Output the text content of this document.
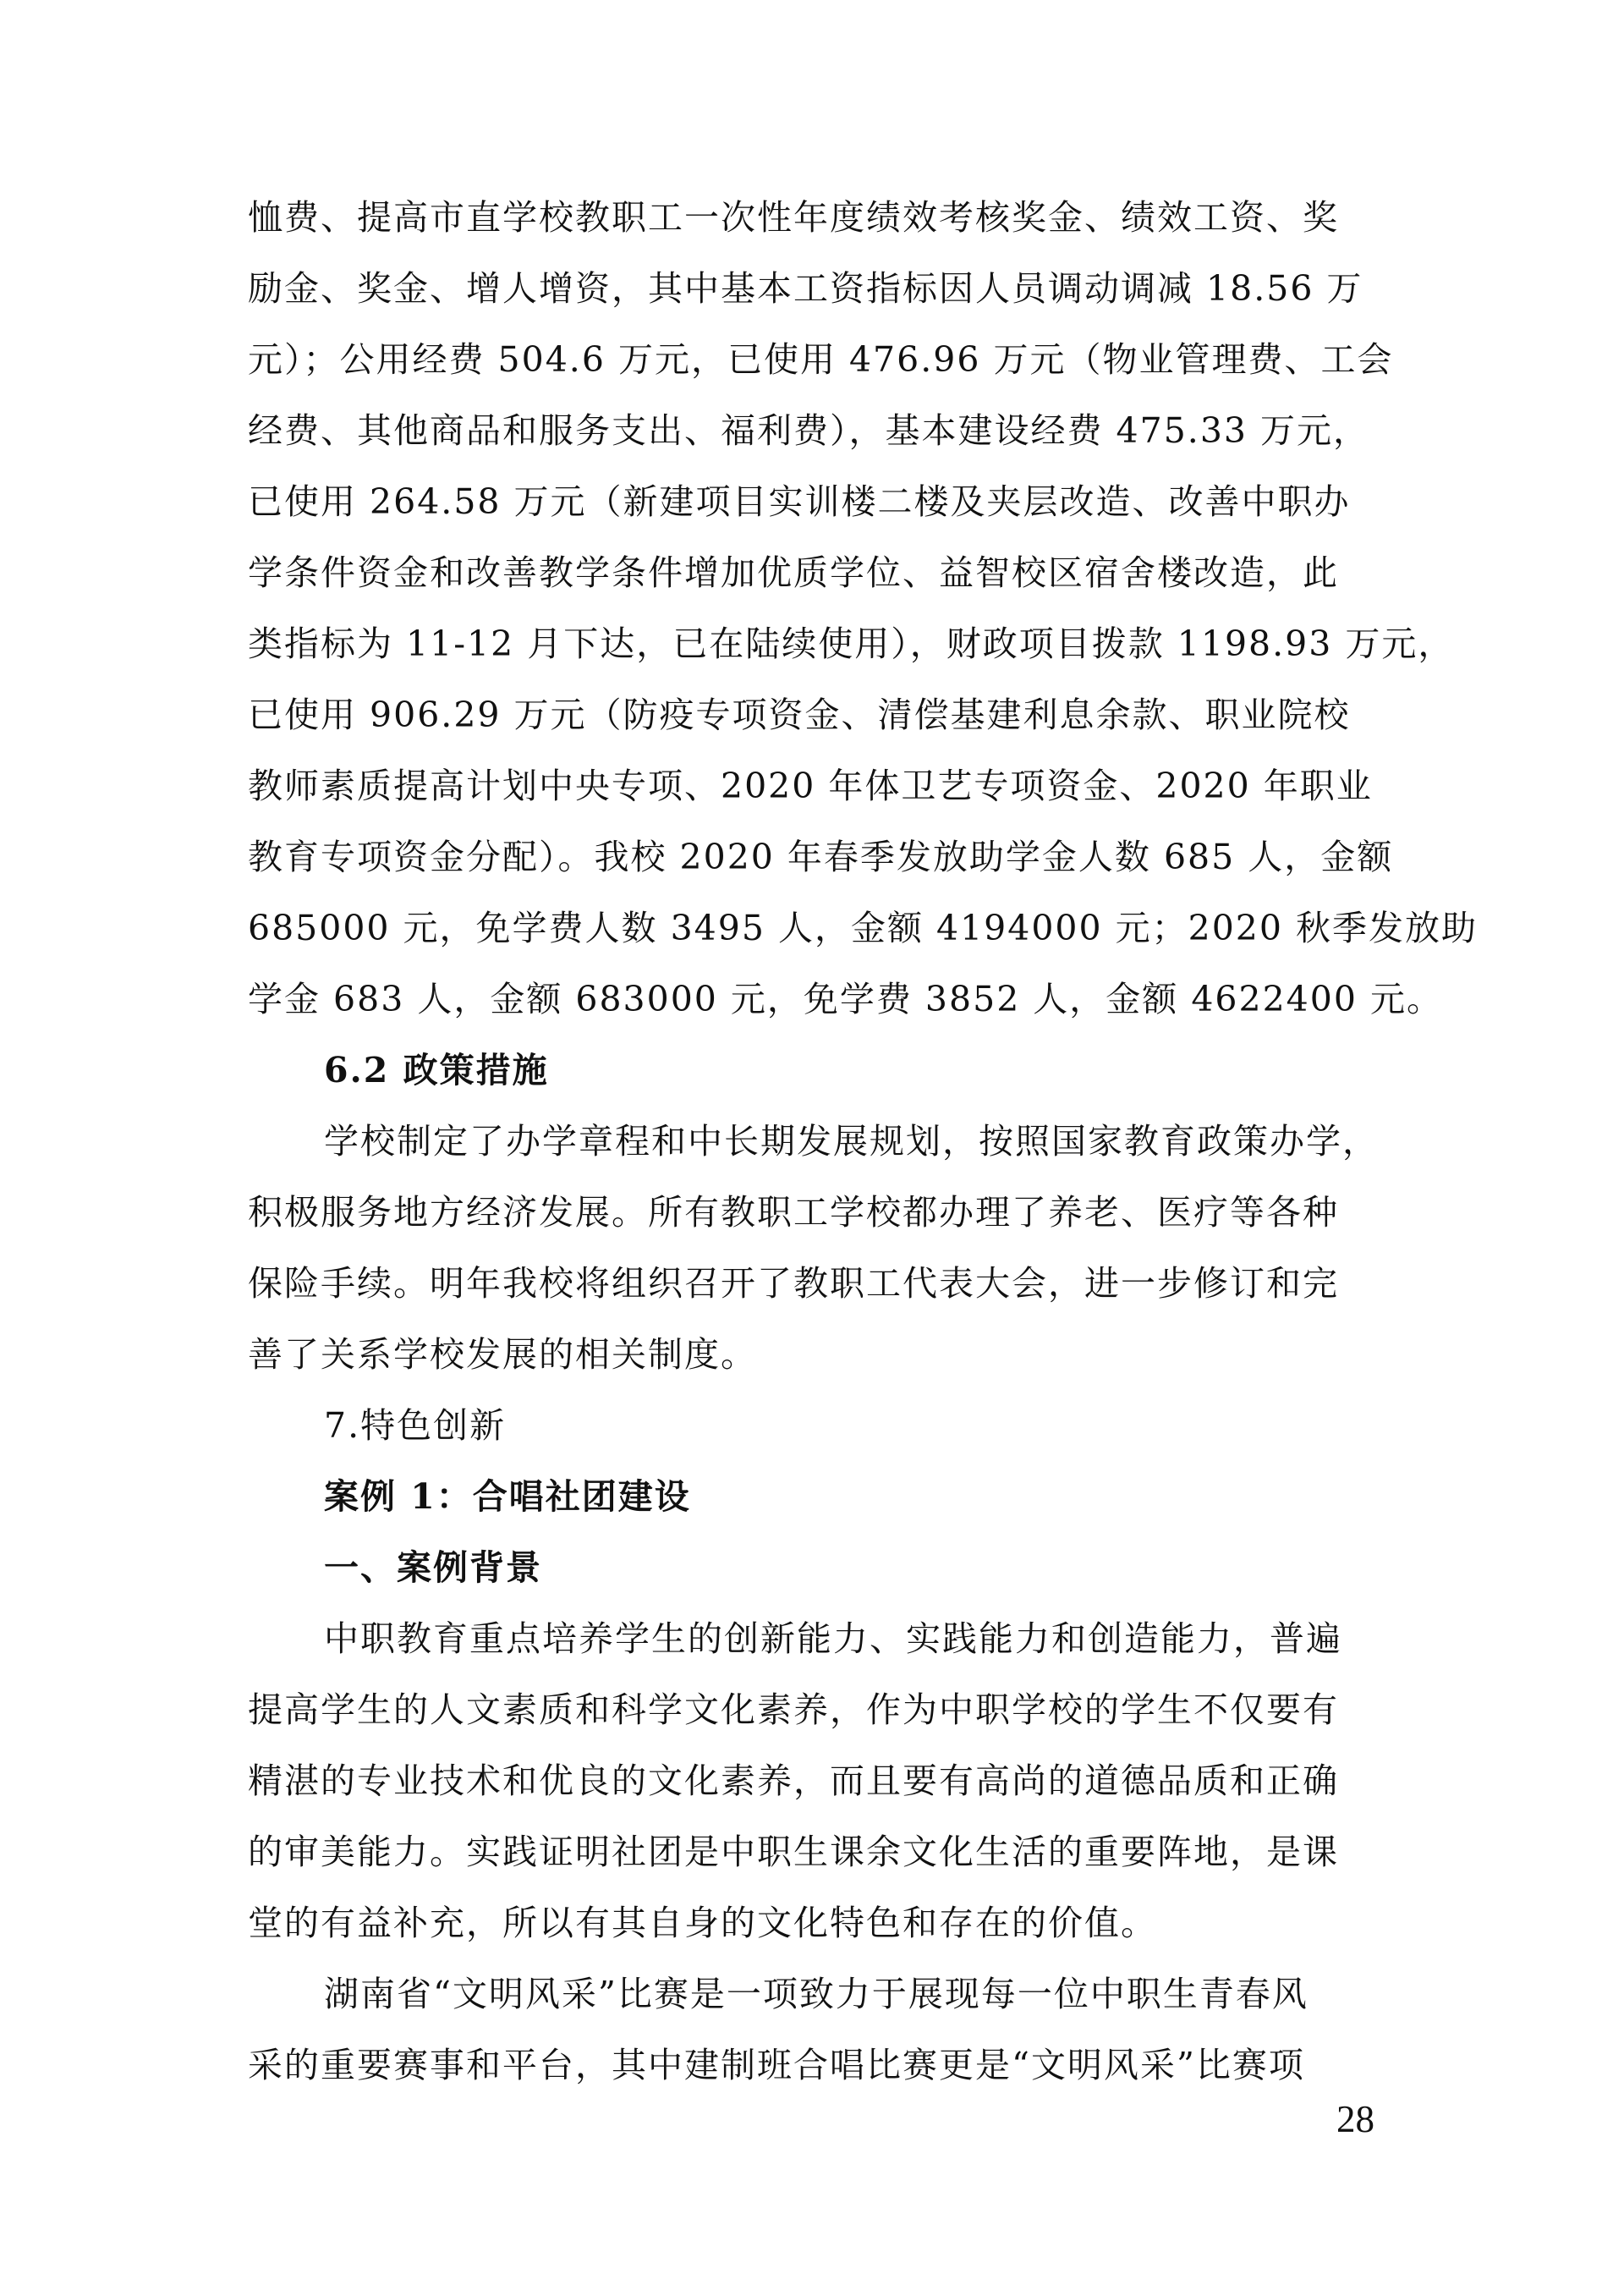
恤费、提高市直学校教职工一次性年度绩效考核奖金、绩效工资、奖
励金、奖金、增人增资，其中基本工资指标因人员调动调减 18.56 万
元）；公用经费 504.6 万元，已使用 476.96 万元（物业管理费、工会
经费、其他商品和服务支出、福利费），基本建设经费 475.33 万元，
已使用 264.58 万元（新建项目实训楼二楼及夹层改造、改善中职办
学条件资金和改善教学条件增加优质学位、益智校区宿舍楼改造，此
类指标为 11-12 月下达，已在陆续使用），财政项目拨款 1198.93 万元，
已使用 906.29 万元（防疫专项资金、清偿基建利息余款、职业院校
教师素质提高计划中央专项、2020 年体卫艺专项资金、2020 年职业
教育专项资金分配）。我校 2020 年春季发放助学金人数 685 人，金额
685000 元，免学费人数 3495 人，金额 4194000 元；2020 秋季发放助
学金 683 人，金额 683000 元，免学费 3852 人，金额 4622400 元。
6.2 政策措施
学校制定了办学章程和中长期发展规划，按照国家教育政策办学，
积极服务地方经济发展。所有教职工学校都办理了养老、医疗等各种
保险手续。明年我校将组织召开了教职工代表大会，进一步修订和完
善了关系学校发展的相关制度。
7.特色创新
案例 1：合唱社团建设
一、案例背景
中职教育重点培养学生的创新能力、实践能力和创造能力，普遍
提高学生的人文素质和科学文化素养，作为中职学校的学生不仅要有
精湛的专业技术和优良的文化素养，而且要有高尚的道德品质和正确
的审美能力。实践证明社团是中职生课余文化生活的重要阵地，是课
堂的有益补充，所以有其自身的文化特色和存在的价值。
湖南省“文明风采”比赛是一项致力于展现每一位中职生青春风
采的重要赛事和平台，其中建制班合唱比赛更是“文明风采”比赛项
28
